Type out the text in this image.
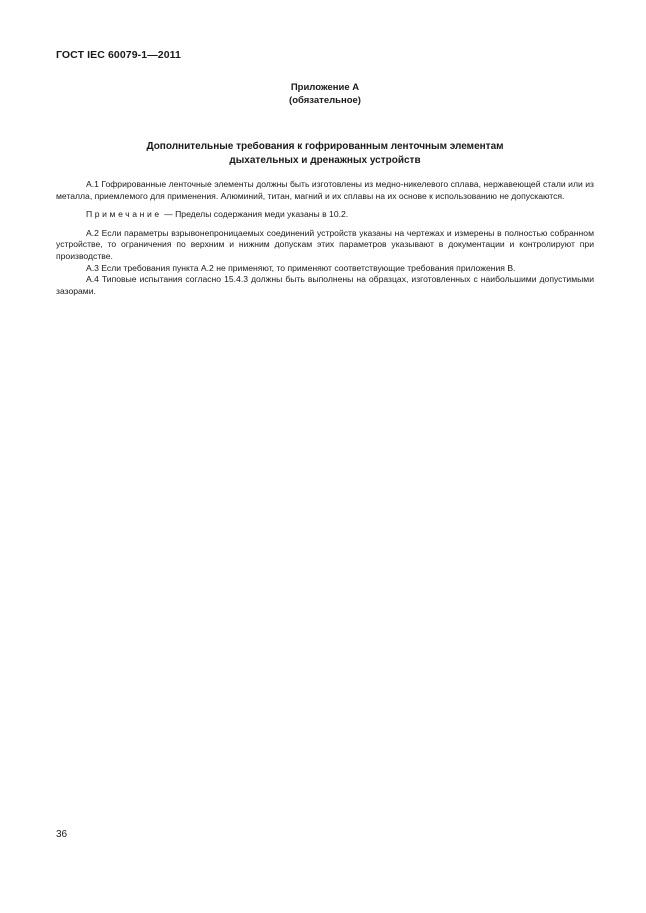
ГОСТ IEC 60079-1—2011
Приложение А
(обязательное)
Дополнительные требования к гофрированным ленточным элементам
дыхательных и дренажных устройств

А.1 Гофрированные ленточные элементы должны быть изготовлены из медно-никелевого сплава, нержавеющей стали или из металла, приемлемого для применения. Алюминий, титан, магний и их сплавы на их основе к использованию не допускаются.

Примечание — Пределы содержания меди указаны в 10.2.

А.2 Если параметры взрывонепроницаемых соединений устройств указаны на чертежах и измерены в полностью собранном устройстве, то ограничения по верхним и нижним допускам этих параметров указывают в документации и контролируют при производстве.

А.3 Если требования пункта А.2 не применяют, то применяют соответствующие требования приложения В.

А.4 Типовые испытания согласно 15.4.3 должны быть выполнены на образцах, изготовленных с наибольшими допустимыми зазорами.

36
